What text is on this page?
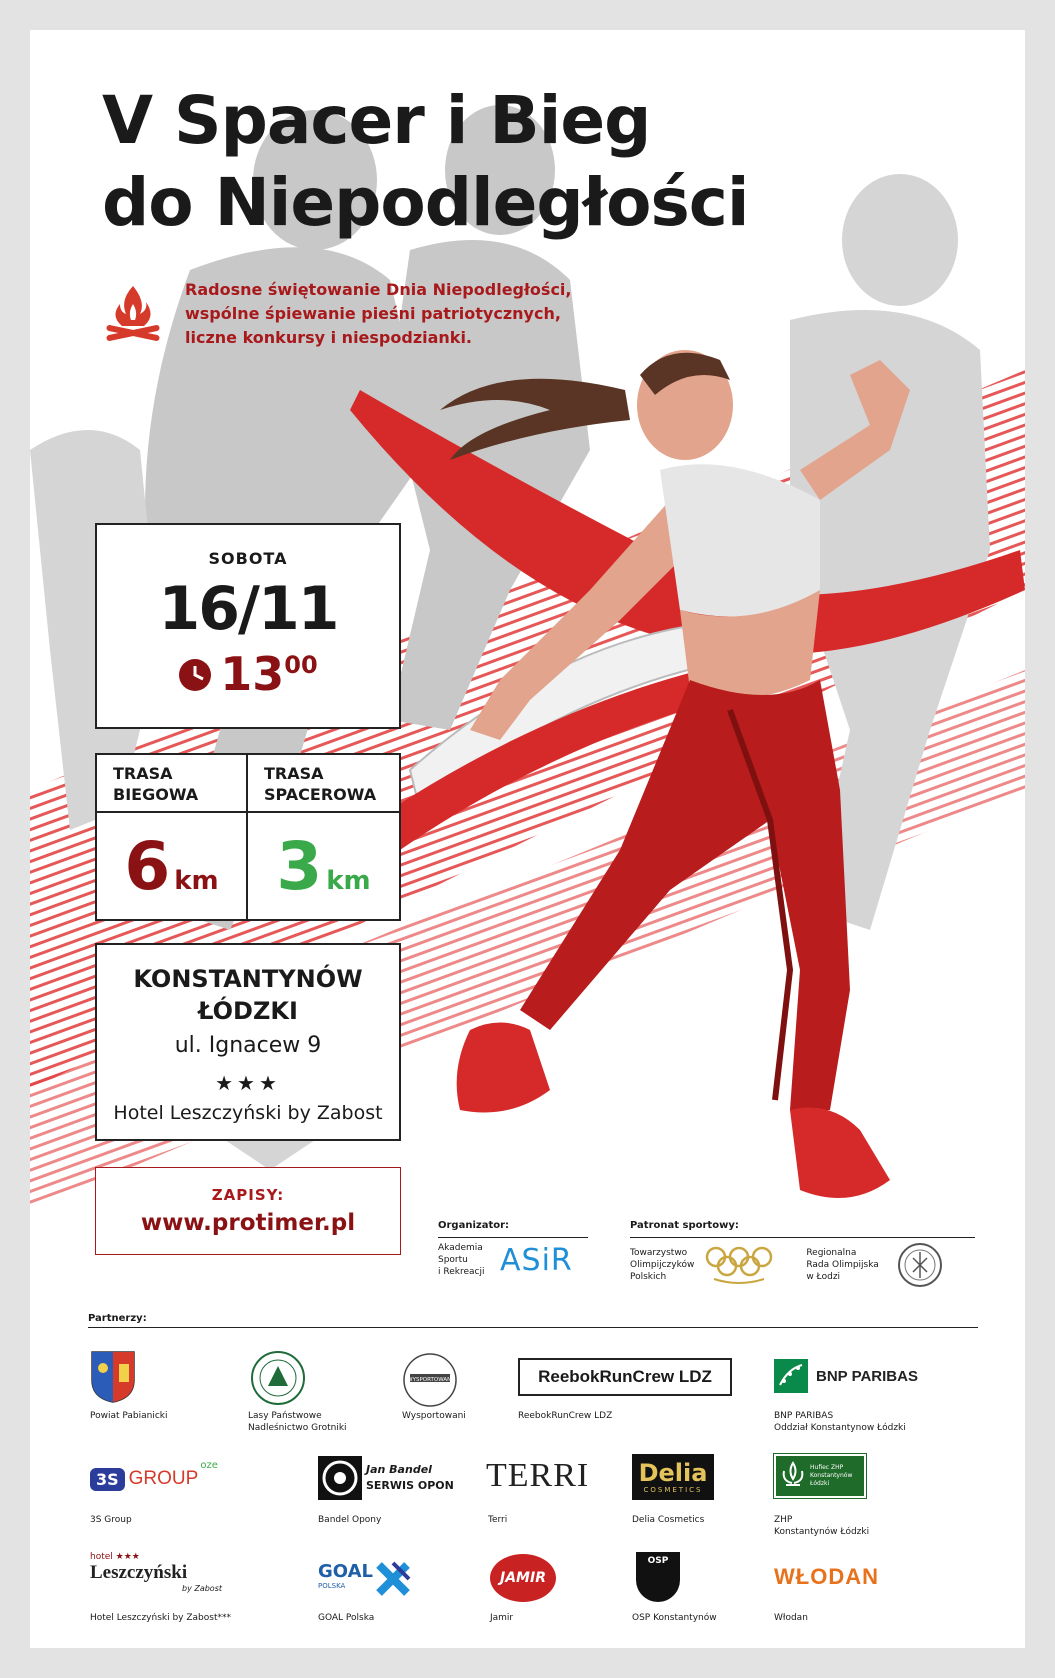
V Spacer i Bieg
do Niepodległości
Radosne świętowanie Dnia Niepodległości,
wspólne śpiewanie pieśni patriotycznych,
liczne konkursy i niespodzianki.
SOBOTA
16/11
13 00
TRASA
BIEGOWA
TRASA
SPACEROWA
6 km 3 km
KONSTANTYNÓW
ŁÓDZKI
ul. Ignacew 9
★★★
Hotel Leszczyński by Zabost
ZAPISY:
www.protimer.pl	Organizator:
Akademia
Sportu
i Rekreacji ASiR
Patronat sportowy:
Towarzystwo
Olimpijczyków
Polskich
Regionalna
Rada Olimpijska
w Łodzi
Partnerzy:
Powiat Pabianicki	Lasy Państwowe
Nadleśnictwo Grotniki
WYSPORTOWANI
Wysportowani
ReebokRunCrew LDZ
ReebokRunCrew LDZ
BNP PARIBAS
BNP PARIBAS
Oddział Konstantynow Łódzki
3S GROUP
oze
3S Group
Jan Bandel
SERWIS OPON
Bandel Opony
TERRI
Terri
Delia
COSMETICS
Delia Cosmetics
Hufiec ZHP
Konstantynów
Łódzki
ZHP
Konstantynów Łódzki
hotel ★★★
Leszczyński
by Zabost
Hotel Leszczyński by Zabost***
GOAL
POLSKA
GOAL Polska
JAMIR
Jamir
OSP
OSP Konstantynów
WŁODAN
Włodan
